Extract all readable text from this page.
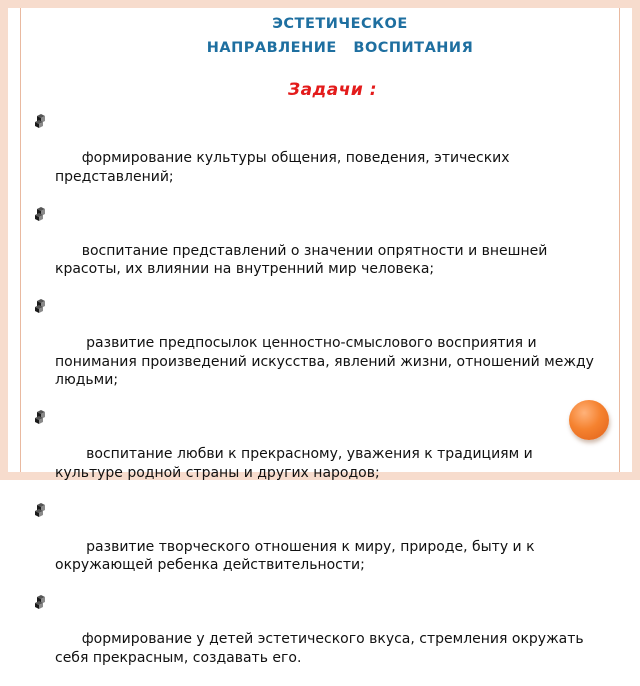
ЭСТЕТИЧЕСКОЕ
НАПРАВЛЕНИЕ   ВОСПИТАНИЯ
Задачи :

формирование культуры общения, поведения, этических представлений;

воспитание представлений о значении опрятности и внешней красоты, их влиянии на внутренний мир человека;

развитие предпосылок ценностно-смыслового восприятия и понимания произведений искусства, явлений жизни, отношений между людьми;

воспитание любви к прекрасному, уважения к традициям и культуре родной страны и других народов;

развитие творческого отношения к миру, природе, быту и к окружающей ребенка действительности;

формирование у детей эстетического вкуса, стремления окружать себя прекрасным, создавать его.
